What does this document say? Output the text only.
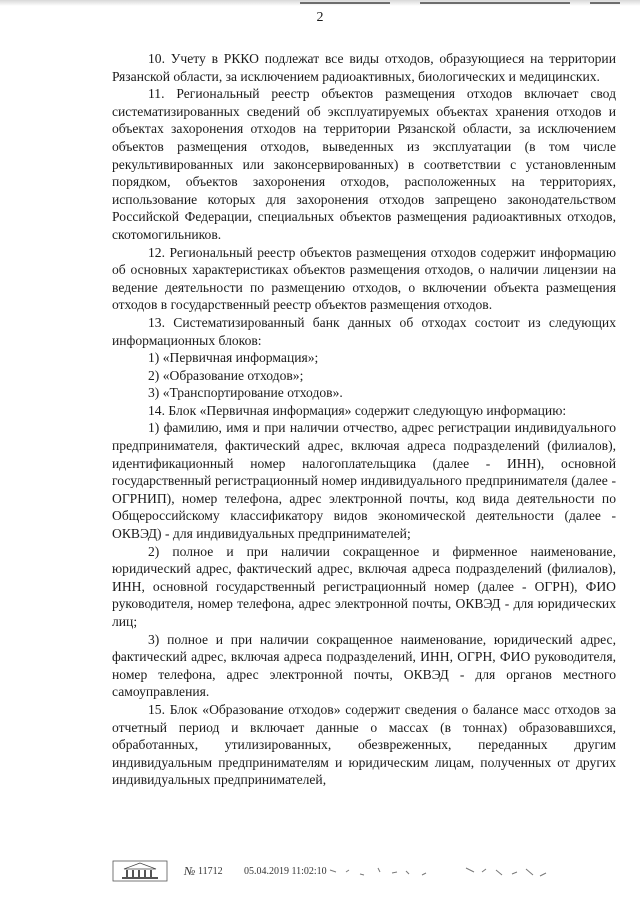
2

10. Учету в РККО подлежат все виды отходов, образующиеся на территории Рязанской области, за исключением радиоактивных, биологических и медицинских.

11. Региональный реестр объектов размещения отходов включает свод систематизированных сведений об эксплуатируемых объектах хранения отходов и объектах захоронения отходов на территории Рязанской области, за исключением объектов размещения отходов, выведенных из эксплуатации (в том числе рекультивированных или законсервированных) в соответствии с установленным порядком, объектов захоронения отходов, расположенных на территориях, использование которых для захоронения отходов запрещено законодательством Российской Федерации, специальных объектов размещения радиоактивных отходов, скотомогильников.

12. Региональный реестр объектов размещения отходов содержит информацию об основных характеристиках объектов размещения отходов, о наличии лицензии на ведение деятельности по размещению отходов, о включении объекта размещения отходов в государственный реестр объектов размещения отходов.

13. Систематизированный банк данных об отходах состоит из следующих информационных блоков:

1) «Первичная информация»;

2) «Образование отходов»;

3) «Транспортирование отходов».

14. Блок «Первичная информация» содержит следующую информацию:

1) фамилию, имя и при наличии отчество, адрес регистрации индивидуального предпринимателя, фактический адрес, включая адреса подразделений (филиалов), идентификационный номер налогоплательщика (далее - ИНН), основной государственный регистрационный номер индивидуального предпринимателя (далее - ОГРНИП), номер телефона, адрес электронной почты, код вида деятельности по Общероссийскому классификатору видов экономической деятельности (далее - ОКВЭД) - для индивидуальных предпринимателей;

2) полное и при наличии сокращенное и фирменное наименование, юридический адрес, фактический адрес, включая адреса подразделений (филиалов), ИНН, основной государственный регистрационный номер (далее - ОГРН), ФИО руководителя, номер телефона, адрес электронной почты, ОКВЭД - для юридических лиц;

3) полное и при наличии сокращенное наименование, юридический адрес, фактический адрес, включая адреса подразделений, ИНН, ОГРН, ФИО руководителя, номер телефона, адрес электронной почты, ОКВЭД - для органов местного самоуправления.

15. Блок «Образование отходов» содержит сведения о балансе масс отходов за отчетный период и включает данные о массах (в тоннах) образовавшихся, обработанных, утилизированных, обезвреженных, переданных другим индивидуальным предпринимателям и юридическим лицам, полученных от других индивидуальных предпринимателей,

№ 11712 05.04.2019 11:02:10
